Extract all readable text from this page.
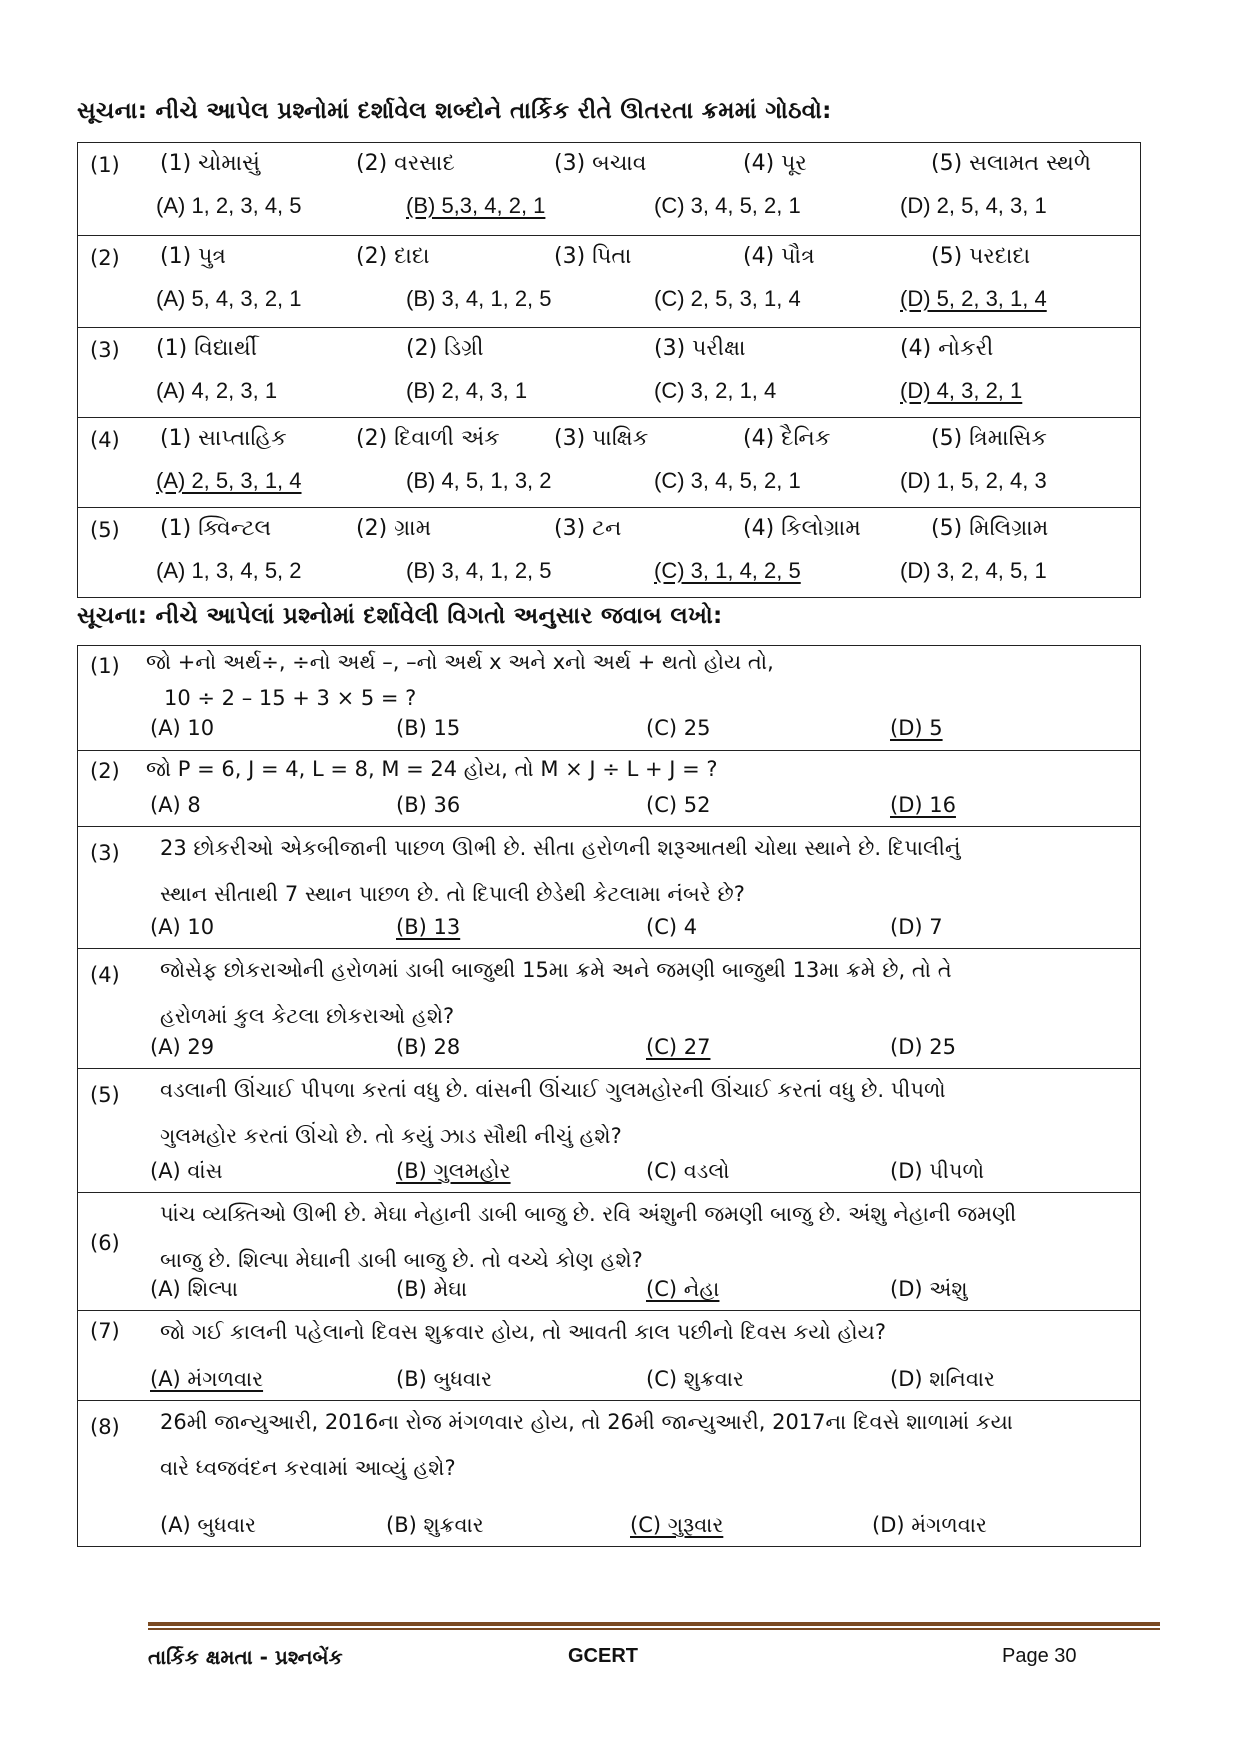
સૂચના: નીચે આપેલ પ્રશ્નોમાં દર્શાવેલ શબ્દોને તાર્કિક રીતે ઊતરતા ક્રમમાં ગોઠવો:
(1) (1) ચોમાસું	(2) વરસાદ	(3) બચાવ	(4) પૂર	(5) સલામત સ્થળે
(A) 1, 2, 3, 4, 5	(B) 5,3, 4, 2, 1	(C) 3, 4, 5, 2, 1	(D) 2, 5, 4, 3, 1
(2) (1) પુત્ર	(2) દાદા	(3) પિતા	(4) પૌત્ર	(5) પરદાદા
(A) 5, 4, 3, 2, 1	(B) 3, 4, 1, 2, 5	(C) 2, 5, 3, 1, 4	(D) 5, 2, 3, 1, 4
(3) (1) વિદ્યાર્થી	(2) ડિગ્રી	(3) પરીક્ષા	(4) નોકરી
(A) 4, 2, 3, 1	(B) 2, 4, 3, 1	(C) 3, 2, 1, 4	(D) 4, 3, 2, 1
(4) (1) સાપ્તાહિક	(2) દિવાળી અંક (3) પાક્ષિક	(4) દૈનિક	(5) ત્રિમાસિક
(A) 2, 5, 3, 1, 4	(B) 4, 5, 1, 3, 2	(C) 3, 4, 5, 2, 1	(D) 1, 5, 2, 4, 3
(5) (1) ક્વિન્ટલ	(2) ગ્રામ	(3) ટન	(4) કિલોગ્રામ	(5) મિલિગ્રામ
(A) 1, 3, 4, 5, 2	(B) 3, 4, 1, 2, 5	(C) 3, 1, 4, 2, 5	(D) 3, 2, 4, 5, 1
સૂચના: નીચે આપેલાં પ્રશ્નોમાં દર્શાવેલી વિગતો અનુસાર જવાબ લખો:
(1) જો +નો અર્થ÷, ÷નો અર્થ –, –નો અર્થ x અને xનો અર્થ + થતો હોય તો,
10 ÷ 2 – 15 + 3 × 5 = ?
(A) 10	(B) 15	(C) 25	(D) 5
(2) જો P = 6, J = 4, L = 8, M = 24 હોય, તો M × J ÷ L + J = ?
(A) 8	(B) 36	(C) 52	(D) 16
(3) 23 છોકરીઓ એકબીજાની પાછળ ઊભી છે. સીતા હરોળની શરૂઆતથી ચોથા સ્થાને છે. દિપાલીનું
સ્થાન સીતાથી 7 સ્થાન પાછળ છે. તો દિપાલી છેડેથી કેટલામા નંબરે છે?
(A) 10	(B) 13	(C) 4	(D) 7
(4) જોસેફ છોકરાઓની હરોળમાં ડાબી બાજુથી 15મા ક્રમે અને જમણી બાજુથી 13મા ક્રમે છે, તો તે
હરોળમાં કુલ કેટલા છોકરાઓ હશે?
(A) 29	(B) 28	(C) 27	(D) 25
(5) વડલાની ઊંચાઈ પીપળા કરતાં વધુ છે. વાંસની ઊંચાઈ ગુલમહોરની ઊંચાઈ કરતાં વધુ છે. પીપળો
ગુલમહોર કરતાં ઊંચો છે. તો કયું ઝાડ સૌથી નીચું હશે?
(A) વાંસ	(B) ગુલમહોર	(C) વડલો	(D) પીપળો
(6)
પાંચ વ્યક્તિઓ ઊભી છે. મેઘા નેહાની ડાબી બાજુ છે. રવિ અંશુની જમણી બાજુ છે. અંશુ નેહાની જમણી
બાજુ છે. શિલ્પા મેઘાની ડાબી બાજુ છે. તો વચ્ચે કોણ હશે?
(A) શિલ્પા	(B) મેઘા	(C) નેહા	(D) અંશુ
(7) જો ગઈ કાલની પહેલાનો દિવસ શુક્રવાર હોય, તો આવતી કાલ પછીનો દિવસ કયો હોય?
(A) મંગળવાર	(B) બુધવાર	(C) શુક્રવાર	(D) શનિવાર
(8) 26મી જાન્યુઆરી, 2016ના રોજ મંગળવાર હોય, તો 26મી જાન્યુઆરી, 2017ના દિવસે શાળામાં કયા
વારે ધ્વજવંદન કરવામાં આવ્યું હશે?
(A) બુધવાર	(B) શુક્રવાર	(C) ગુરૂવાર	(D) મંગળવાર
તાર્કિક ક્ષમતા - પ્રશ્નબેંક	GCERT	Page 30
